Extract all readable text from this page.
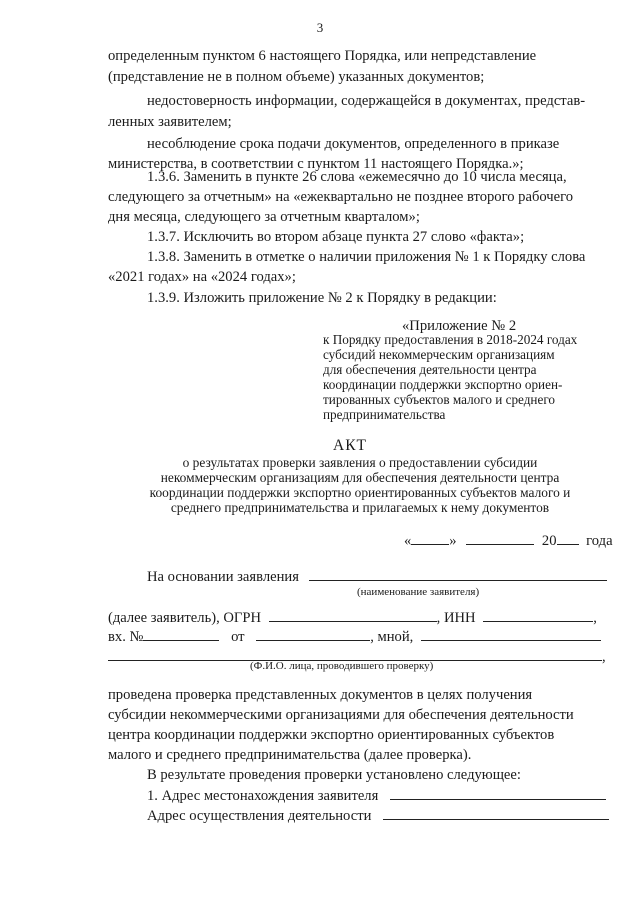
3
определенным пунктом 6 настоящего Порядка, или непредставление
(представление не в полном объеме) указанных документов;
недостоверность информации, содержащейся в документах, представ-
ленных заявителем;
несоблюдение срока подачи документов, определенного в приказе
министерства, в соответствии с пунктом 11 настоящего Порядка.»;
1.3.6. Заменить в пункте 26 слова «ежемесячно до 10 числа месяца,
следующего за отчетным» на «ежеквартально не позднее второго рабочего
дня месяца, следующего за отчетным кварталом»;
1.3.7. Исключить во втором абзаце пункта 27 слово «факта»;
1.3.8. Заменить в отметке о наличии приложения № 1 к Порядку слова
«2021 годах» на «2024 годах»;
1.3.9. Изложить приложение № 2 к Порядку в редакции:
«Приложение № 2
к Порядку предоставления в 2018-2024 годах
субсидий некоммерческим организациям
для обеспечения деятельности центра
координации поддержки экспортно ориен-
тированных субъектов малого и среднего
предпринимательства
АКТ
о результатах проверки заявления о предоставлении субсидии
некоммерческим организациям для обеспечения деятельности центра
координации поддержки экспортно ориентированных субъектов малого и
среднего предпринимательства и прилагаемых к нему документов
«	»	20 года
На основании заявления
(наименование заявителя)
(далее заявитель), ОГРН	, ИНН	,
вх. №	от	, мной,
,
(Ф.И.О. лица, проводившего проверку)
проведена проверка представленных документов в целях получения
субсидии некоммерческими организациями для обеспечения деятельности
центра координации поддержки экспортно ориентированных субъектов
малого и среднего предпринимательства (далее проверка).
В результате проведения проверки установлено следующее:
1. Адрес местонахождения заявителя
Адрес осуществления деятельности
